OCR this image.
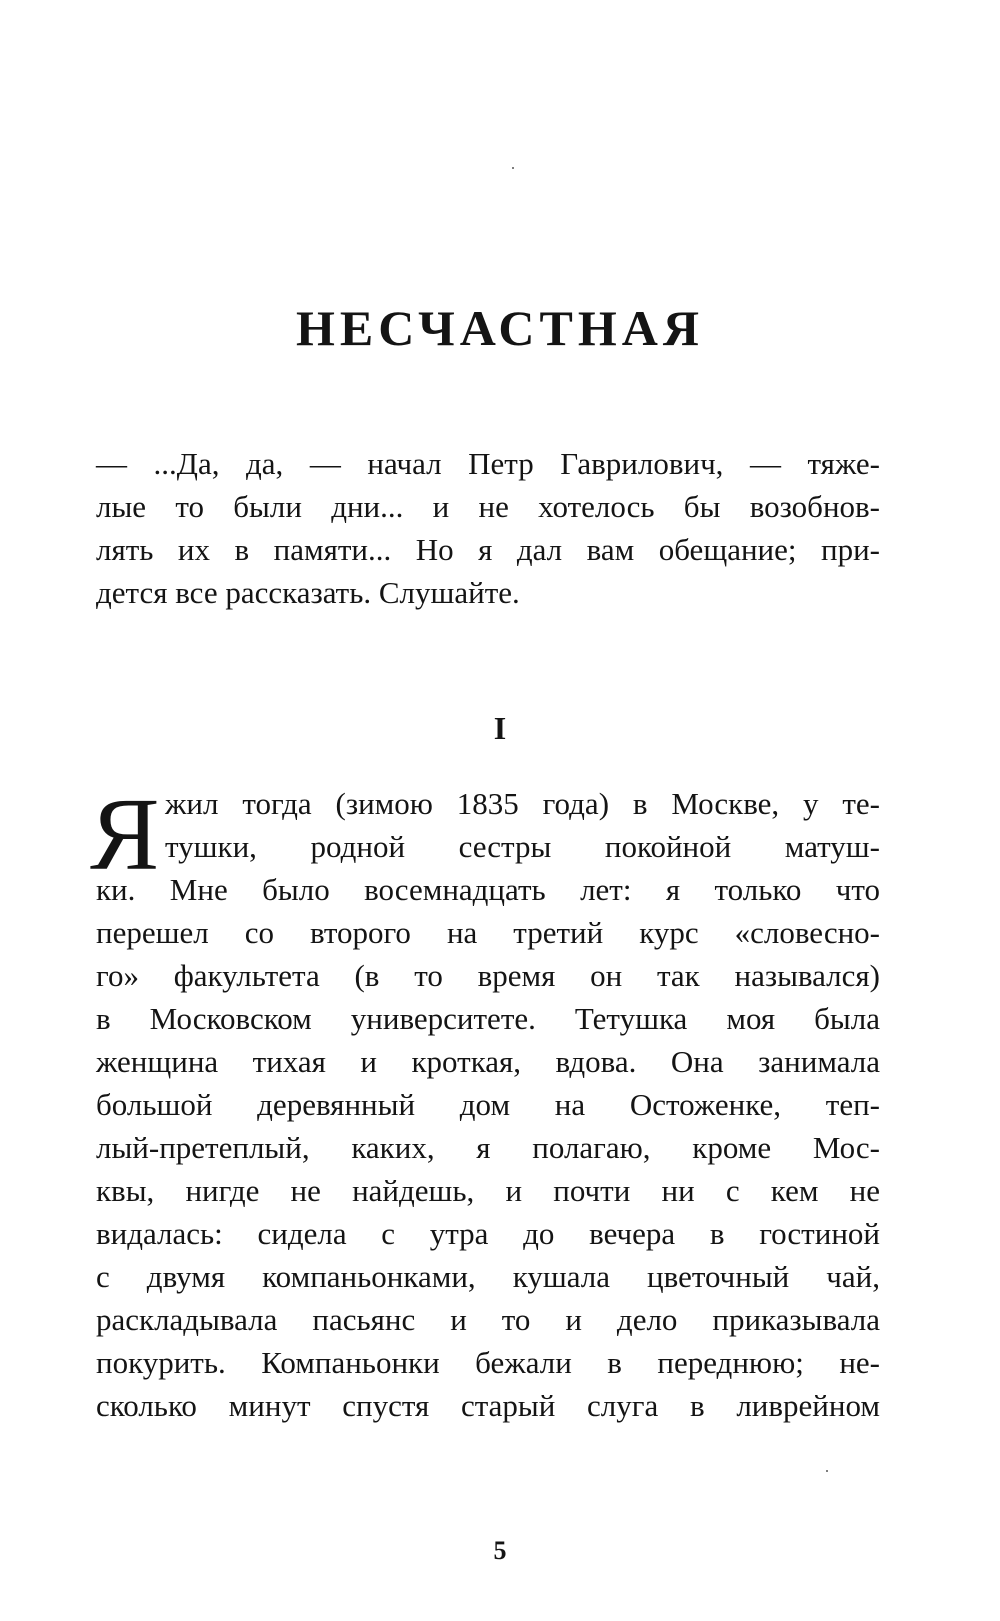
НЕСЧАСТНАЯ
— ...Да, да, — начал Петр Гаврилович, — тяже-
лые то были дни... и не хотелось бы возобнов-
лять их в памяти... Но я дал вам обещание; при-
дется все рассказать. Слушайте.
I
Я жил тогда (зимою 1835 года) в Москве, у те-
тушки, родной сестры покойной матуш-
ки. Мне было восемнадцать лет: я только что
перешел со второго на третий курс «словесно-
го» факультета (в то время он так назывался)
в Московском университете. Тетушка моя была
женщина тихая и кроткая, вдова. Она занимала
большой деревянный дом на Остоженке, теп-
лый-претеплый, каких, я полагаю, кроме Мос-
квы, нигде не найдешь, и почти ни с кем не
видалась: сидела с утра до вечера в гостиной
с двумя компаньонками, кушала цветочный чай,
раскладывала пасьянс и то и дело приказывала
покурить. Компаньонки бежали в переднюю; не-
сколько минут спустя старый слуга в ливрейном
5
